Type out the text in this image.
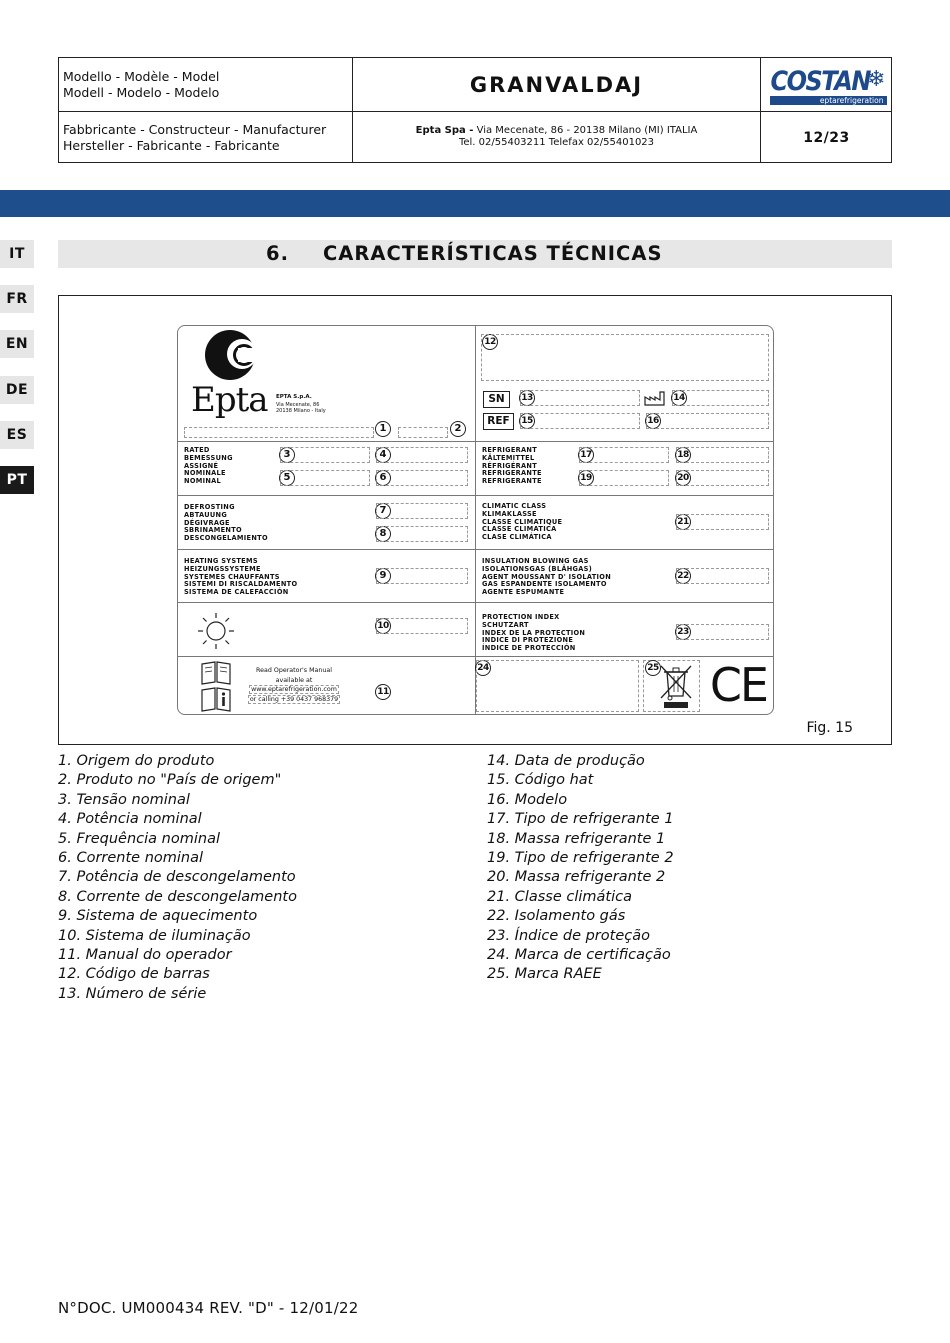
Modello - Modèle - Model
Modell - Modelo - Modelo	GRANVALDAJ	COSTAN
❄
eptarefrigeration
Fabbricante - Constructeur - Manufacturer
Hersteller - Fabricante - Fabricante
Epta Spa - Via Mecenate, 86 - 20138 Milano (MI) ITALIA
Tel. 02/55403211 Telefax 02/55401023	12/23
IT
FR
EN
DE
ES
PT
6. CARACTERÍSTICAS TÉCNICAS
Epta EPTA S.p.A.
Via Mecenate, 86
20138 Milano - Italy
1	2
12
SN	13	14
REF	15	16
RATED
BEMESSUNG
ASSIGNÉ
NOMINALE
NOMINAL
3	4
5	6
REFRIGERANT
KÄLTEMITTEL
RÉFRIGÉRANT
REFRIGERANTE
REFRIGERANTE
17	18
19	20
DEFROSTING
ABTAUUNG
DÉGIVRAGE
SBRINAMENTO
DESCONGELAMIENTO
7
8
CLIMATIC CLASS
KLIMAKLASSE
CLASSE CLIMATIQUE
CLASSE CLIMATICA
CLASE CLIMÁTICA
21
HEATING SYSTEMS
HEIZUNGSSYSTEME
SYSTEMES CHAUFFANTS
SISTEMI DI RISCALDAMENTO
SISTEMA DE CALEFACCIÓN
9
INSULATION BLOWING GAS
ISOLATIONSGAS (BLÄHGAS)
AGENT MOUSSANT D' ISOLATION
GAS ESPANDENTE ISOLAMENTO
AGENTE ESPUMANTE
22
10
PROTECTION INDEX
SCHUTZART
INDEX DE LA PROTECTION
INDICE DI PROTEZIONE
ÍNDICE DE PROTECCIÓN
23
Read Operator's Manual
available at
www.eptarefrigeration.com
or calling +39 0437 968379
11
24	25 CE
Fig. 15
1. Origem do produto
2. Produto no "País de origem"
3. Tensão nominal
4. Potência nominal
5. Frequência nominal
6. Corrente nominal
7. Potência de descongelamento
8. Corrente de descongelamento
9. Sistema de aquecimento
10. Sistema de iluminação
11. Manual do operador
12. Código de barras
13. Número de série
14. Data de produção
15. Código hat
16. Modelo
17. Tipo de refrigerante 1
18. Massa refrigerante 1
19. Tipo de refrigerante 2
20. Massa refrigerante 2
21. Classe climática
22. Isolamento gás
23. Índice de proteção
24. Marca de certificação
25. Marca RAEE
N°DOC. UM000434 REV. "D" - 12/01/22
